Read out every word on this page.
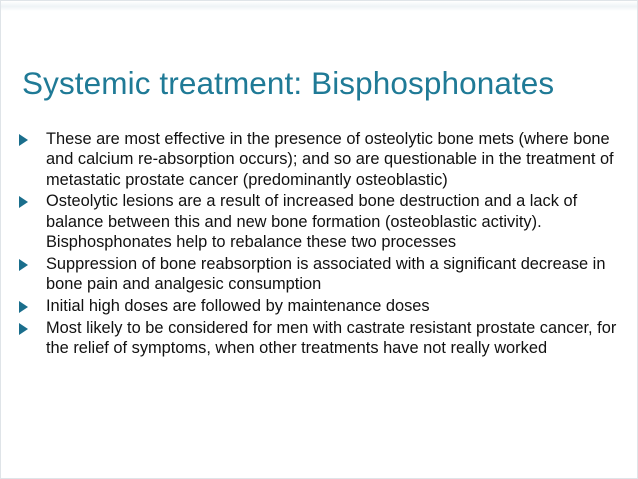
Systemic treatment: Bisphosphonates
These are most effective in the presence of osteolytic bone mets (where bone and calcium re-absorption occurs); and so are questionable in the treatment of metastatic prostate cancer (predominantly osteoblastic)
Osteolytic lesions are a result of increased bone destruction and a lack of balance between this and new bone formation (osteoblastic activity). Bisphosphonates help to rebalance these two processes
Suppression of bone reabsorption is associated with a significant decrease in bone pain and analgesic consumption
Initial high doses are followed by maintenance doses
Most likely to be considered for men with castrate resistant prostate cancer, for the relief of symptoms, when other treatments have not really worked
